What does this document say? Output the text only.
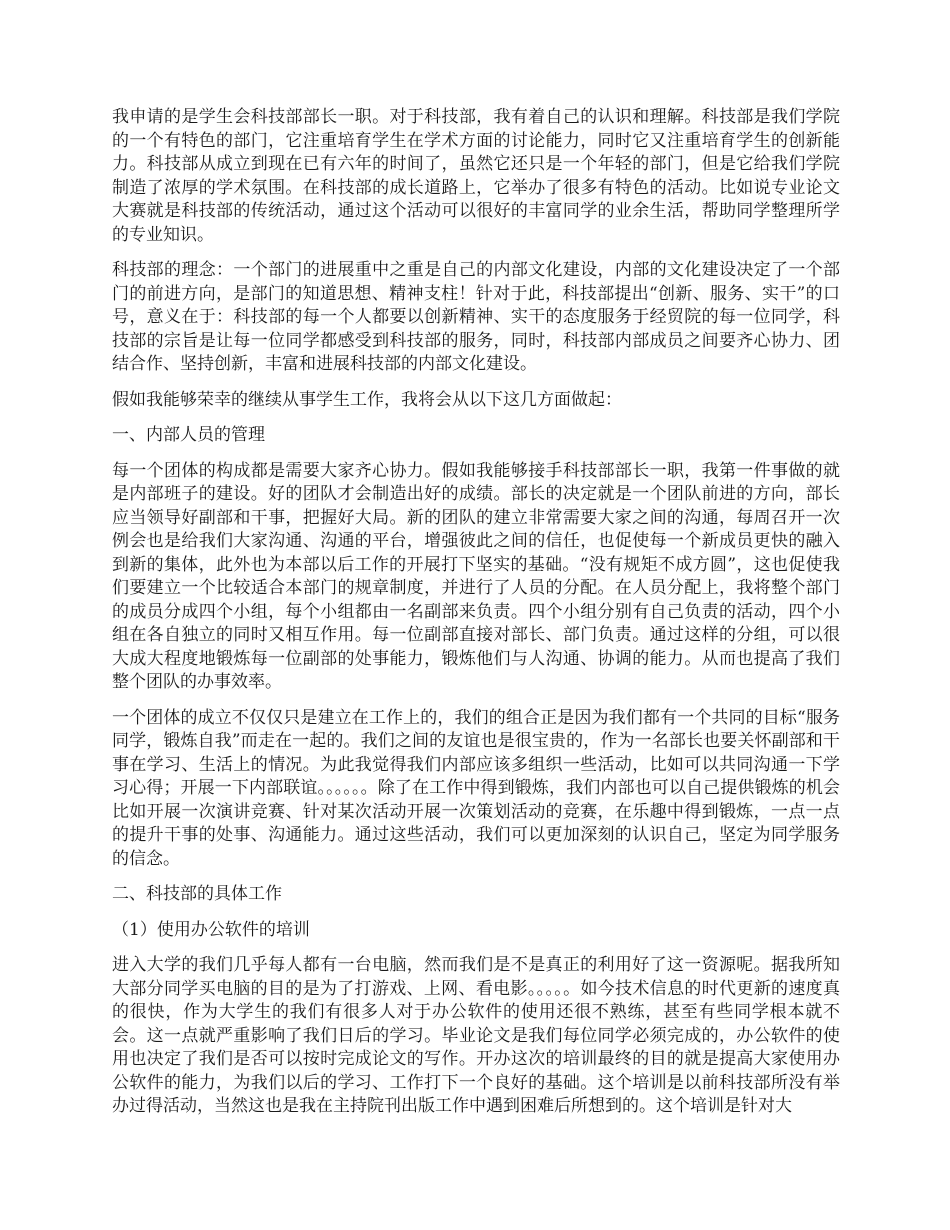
我申请的是学生会科技部部长一职。对于科技部，我有着自己的认识和理解。科技部是我们学院的一个有特色的部门，它注重培育学生在学术方面的讨论能力，同时它又注重培育学生的创新能力。科技部从成立到现在已有六年的时间了，虽然它还只是一个年轻的部门，但是它给我们学院制造了浓厚的学术氛围。在科技部的成长道路上，它举办了很多有特色的活动。比如说专业论文大赛就是科技部的传统活动，通过这个活动可以很好的丰富同学的业余生活，帮助同学整理所学的专业知识。

科技部的理念：一个部门的进展重中之重是自己的内部文化建设，内部的文化建设决定了一个部门的前进方向，是部门的知道思想、精神支柱！针对于此，科技部提出“创新、服务、实干”的口号，意义在于：科技部的每一个人都要以创新精神、实干的态度服务于经贸院的每一位同学，科技部的宗旨是让每一位同学都感受到科技部的服务，同时，科技部内部成员之间要齐心协力、团结合作、坚持创新，丰富和进展科技部的内部文化建设。

假如我能够荣幸的继续从事学生工作，我将会从以下这几方面做起：

一、内部人员的管理

每一个团体的构成都是需要大家齐心协力。假如我能够接手科技部部长一职，我第一件事做的就是内部班子的建设。好的团队才会制造出好的成绩。部长的决定就是一个团队前进的方向，部长应当领导好副部和干事，把握好大局。新的团队的建立非常需要大家之间的沟通，每周召开一次例会也是给我们大家沟通、沟通的平台，增强彼此之间的信任，也促使每一个新成员更快的融入到新的集体，此外也为本部以后工作的开展打下坚实的基础。“没有规矩不成方圆”，这也促使我们要建立一个比较适合本部门的规章制度，并进行了人员的分配。在人员分配上，我将整个部门的成员分成四个小组，每个小组都由一名副部来负责。四个小组分别有自己负责的活动，四个小组在各自独立的同时又相互作用。每一位副部直接对部长、部门负责。通过这样的分组，可以很大成大程度地锻炼每一位副部的处事能力，锻炼他们与人沟通、协调的能力。从而也提高了我们整个团队的办事效率。

一个团体的成立不仅仅只是建立在工作上的，我们的组合正是因为我们都有一个共同的目标“服务同学，锻炼自我”而走在一起的。我们之间的友谊也是很宝贵的，作为一名部长也要关怀副部和干事在学习、生活上的情况。为此我觉得我们内部应该多组织一些活动，比如可以共同沟通一下学习心得；开展一下内部联谊。。。。。。除了在工作中得到锻炼，我们内部也可以自己提供锻炼的机会比如开展一次演讲竞赛、针对某次活动开展一次策划活动的竞赛，在乐趣中得到锻炼，一点一点的提升干事的处事、沟通能力。通过这些活动，我们可以更加深刻的认识自己，坚定为同学服务的信念。

二、科技部的具体工作

（1）使用办公软件的培训

进入大学的我们几乎每人都有一台电脑，然而我们是不是真正的利用好了这一资源呢。据我所知大部分同学买电脑的目的是为了打游戏、上网、看电影。。。。。如今技术信息的时代更新的速度真的很快，作为大学生的我们有很多人对于办公软件的使用还很不熟练，甚至有些同学根本就不会。这一点就严重影响了我们日后的学习。毕业论文是我们每位同学必须完成的，办公软件的使用也决定了我们是否可以按时完成论文的写作。开办这次的培训最终的目的就是提高大家使用办公软件的能力，为我们以后的学习、工作打下一个良好的基础。这个培训是以前科技部所没有举办过得活动，当然这也是我在主持院刊出版工作中遇到困难后所想到的。这个培训是针对大
